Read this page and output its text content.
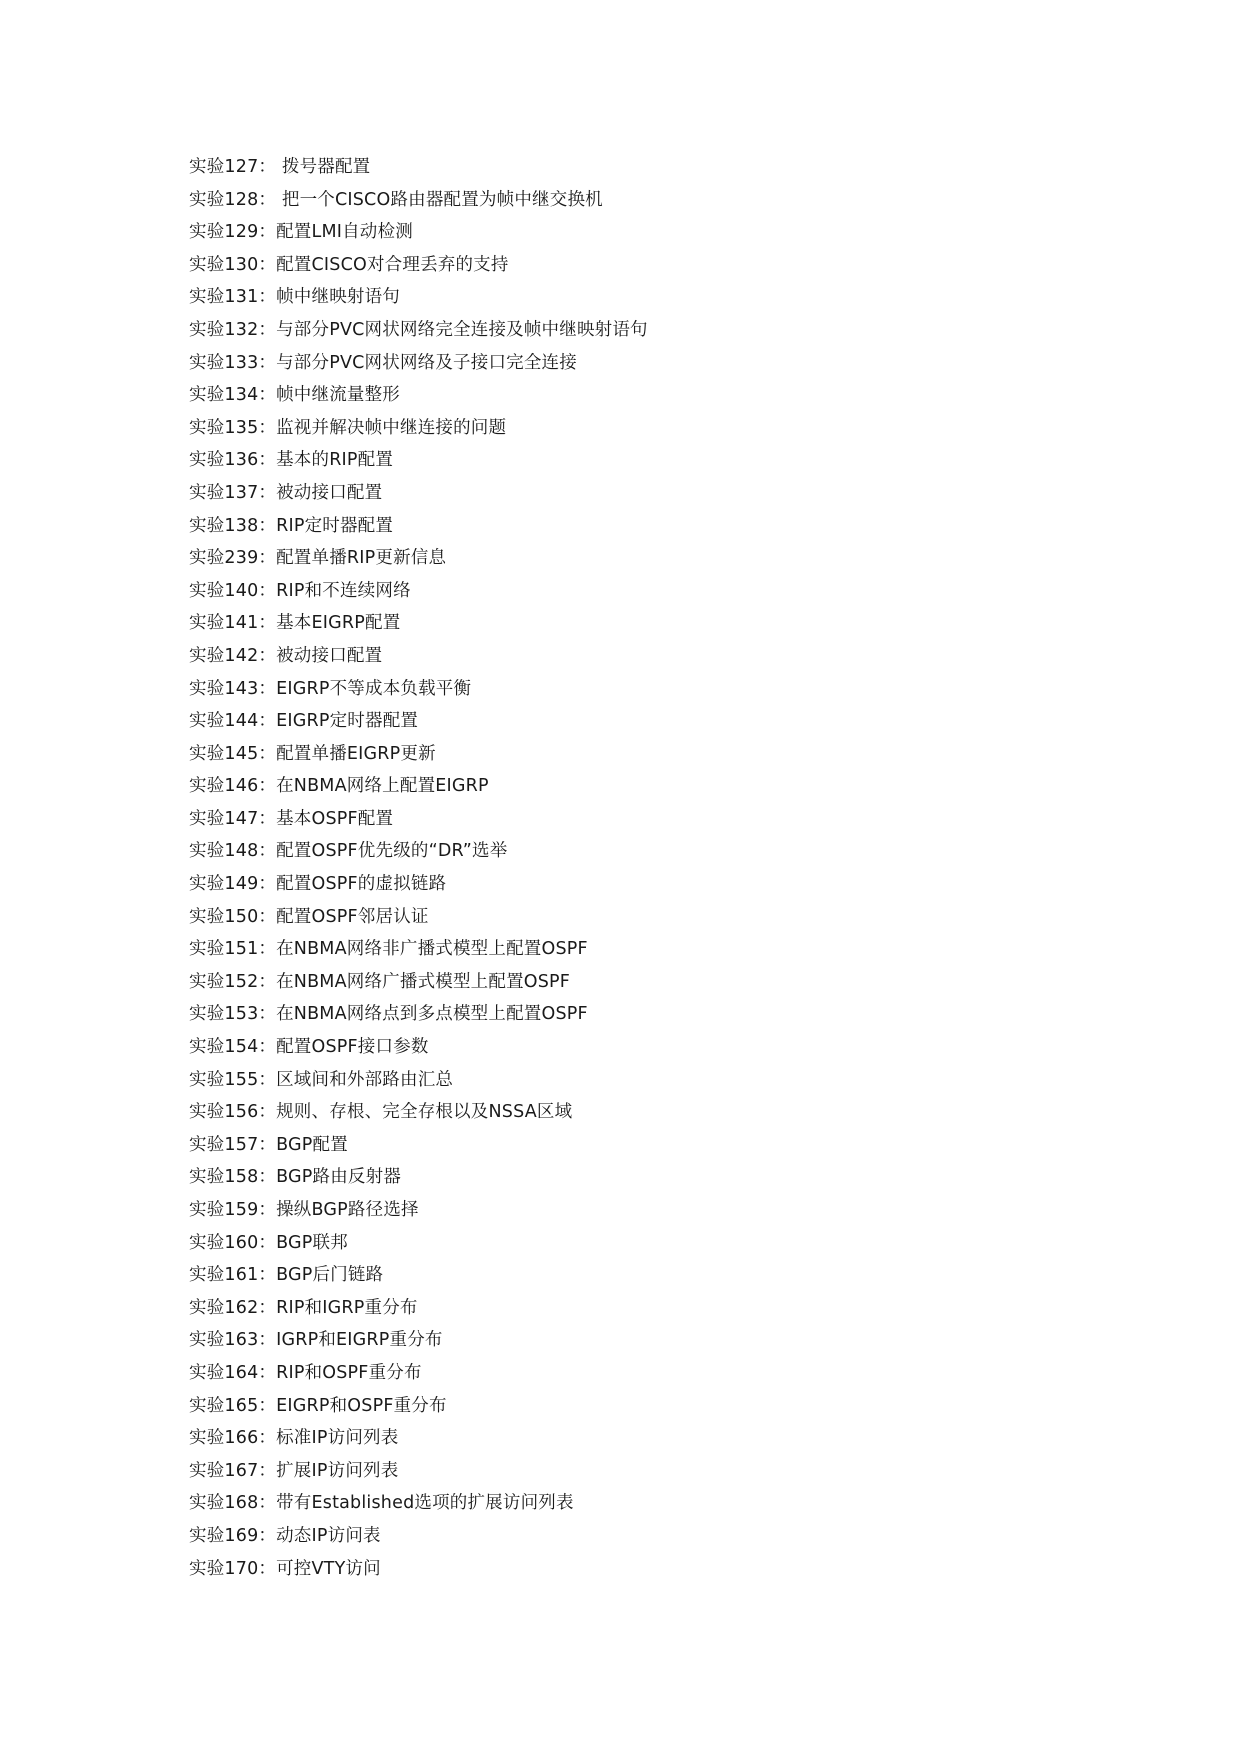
实验127： 拨号器配置
实验128： 把一个CISCO路由器配置为帧中继交换机
实验129：配置LMI自动检测
实验130：配置CISCO对合理丢弃的支持
实验131：帧中继映射语句
实验132：与部分PVC网状网络完全连接及帧中继映射语句
实验133：与部分PVC网状网络及子接口完全连接
实验134：帧中继流量整形
实验135：监视并解决帧中继连接的问题
实验136：基本的RIP配置
实验137：被动接口配置
实验138：RIP定时器配置
实验239：配置单播RIP更新信息
实验140：RIP和不连续网络
实验141：基本EIGRP配置
实验142：被动接口配置
实验143：EIGRP不等成本负载平衡
实验144：EIGRP定时器配置
实验145：配置单播EIGRP更新
实验146：在NBMA网络上配置EIGRP
实验147：基本OSPF配置
实验148：配置OSPF优先级的“DR”选举
实验149：配置OSPF的虚拟链路
实验150：配置OSPF邻居认证
实验151：在NBMA网络非广播式模型上配置OSPF
实验152：在NBMA网络广播式模型上配置OSPF
实验153：在NBMA网络点到多点模型上配置OSPF
实验154：配置OSPF接口参数
实验155：区域间和外部路由汇总
实验156：规则、存根、完全存根以及NSSA区域
实验157：BGP配置
实验158：BGP路由反射器
实验159：操纵BGP路径选择
实验160：BGP联邦
实验161：BGP后门链路
实验162：RIP和IGRP重分布
实验163：IGRP和EIGRP重分布
实验164：RIP和OSPF重分布
实验165：EIGRP和OSPF重分布
实验166：标准IP访问列表
实验167：扩展IP访问列表
实验168：带有Established选项的扩展访问列表
实验169：动态IP访问表
实验170：可控VTY访问
